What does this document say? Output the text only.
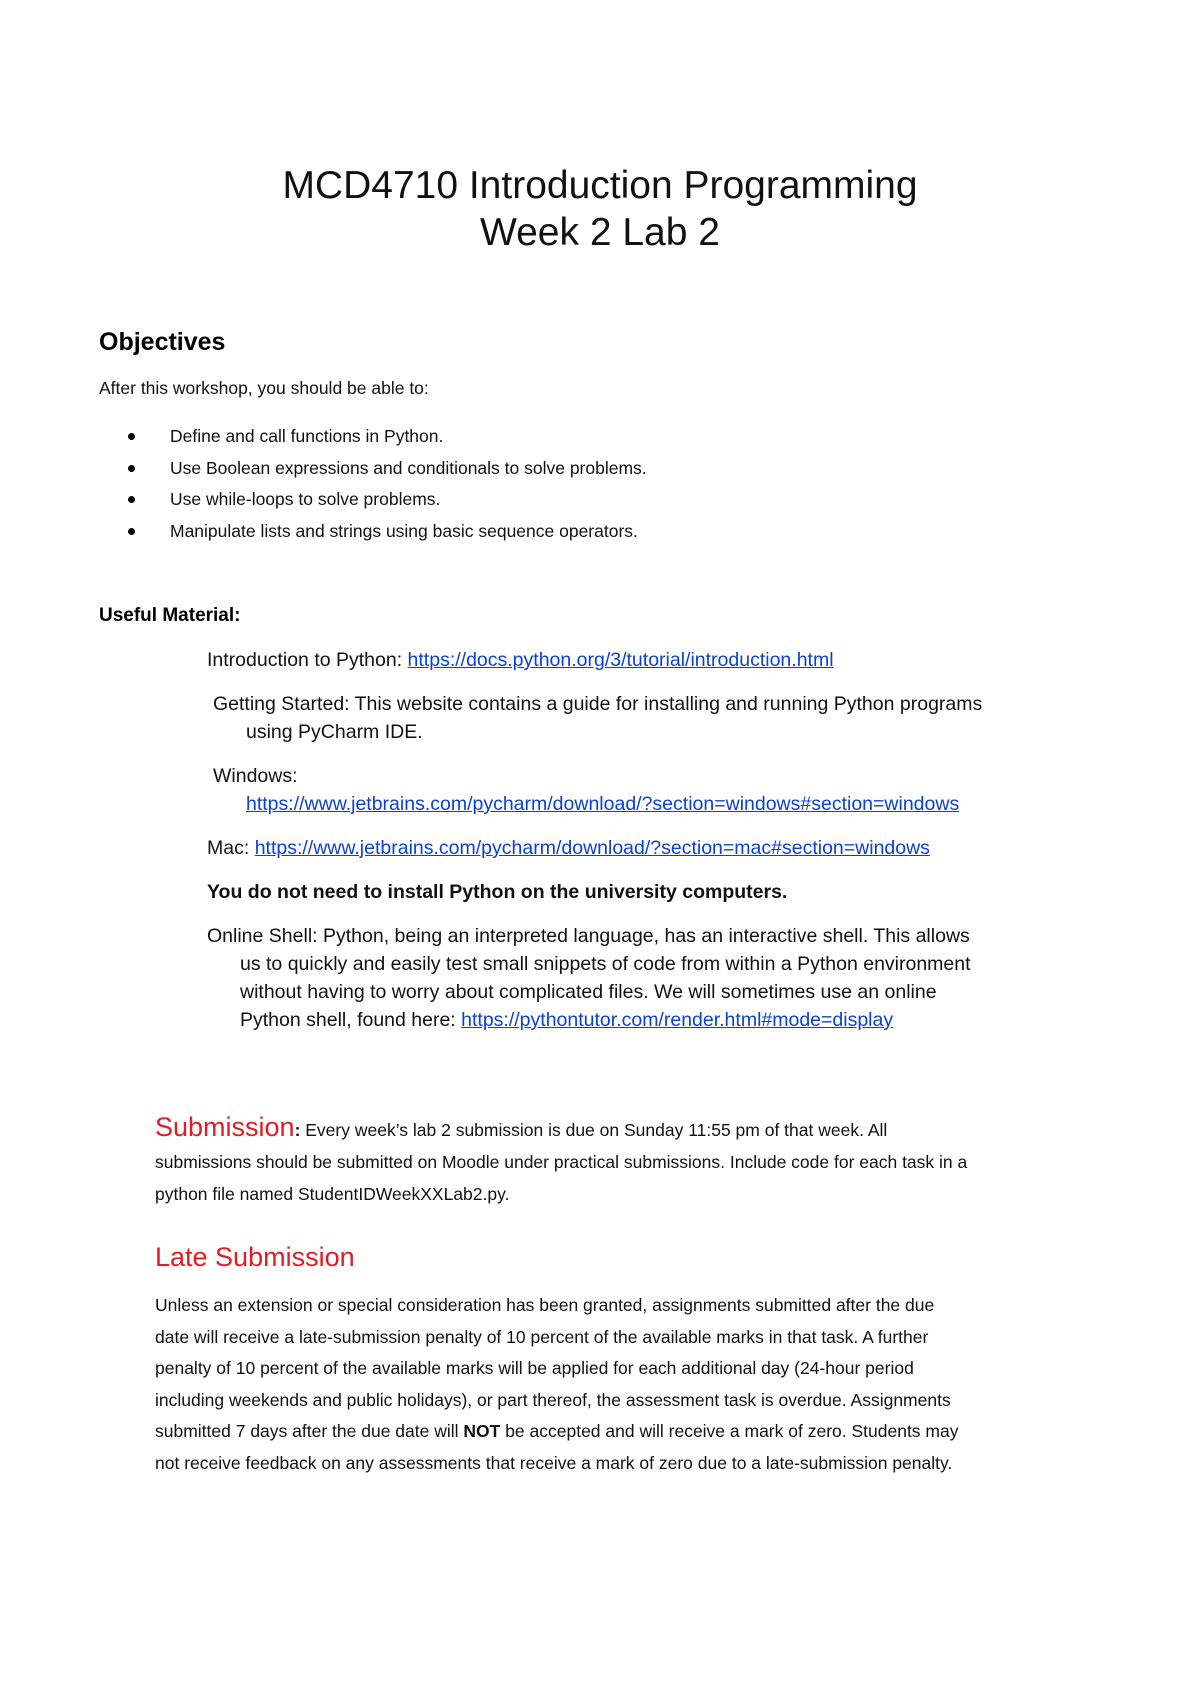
MCD4710 Introduction Programming
Week 2 Lab 2
Objectives
After this workshop, you should be able to:
Define and call functions in Python.
Use Boolean expressions and conditionals to solve problems.
Use while-loops to solve problems.
Manipulate lists and strings using basic sequence operators.
Useful Material:
Introduction to Python: https://docs.python.org/3/tutorial/introduction.html
Getting Started: This website contains a guide for installing and running Python programs
using PyCharm IDE.
Windows:
https://www.jetbrains.com/pycharm/download/?section=windows#section=windows
Mac: https://www.jetbrains.com/pycharm/download/?section=mac#section=windows
You do not need to install Python on the university computers.
Online Shell: Python, being an interpreted language, has an interactive shell. This allows
us to quickly and easily test small snippets of code from within a Python environment
without having to worry about complicated files. We will sometimes use an online
Python shell, found here: https://pythontutor.com/render.html#mode=display
Submission: Every week’s lab 2 submission is due on Sunday 11:55 pm of that week. All
submissions should be submitted on Moodle under practical submissions. Include code for each task in a
python file named StudentIDWeekXXLab2.py.
Late Submission
Unless an extension or special consideration has been granted, assignments submitted after the due
date will receive a late-submission penalty of 10 percent of the available marks in that task. A further
penalty of 10 percent of the available marks will be applied for each additional day (24-hour period
including weekends and public holidays), or part thereof, the assessment task is overdue. Assignments
submitted 7 days after the due date will NOT be accepted and will receive a mark of zero. Students may
not receive feedback on any assessments that receive a mark of zero due to a late-submission penalty.
